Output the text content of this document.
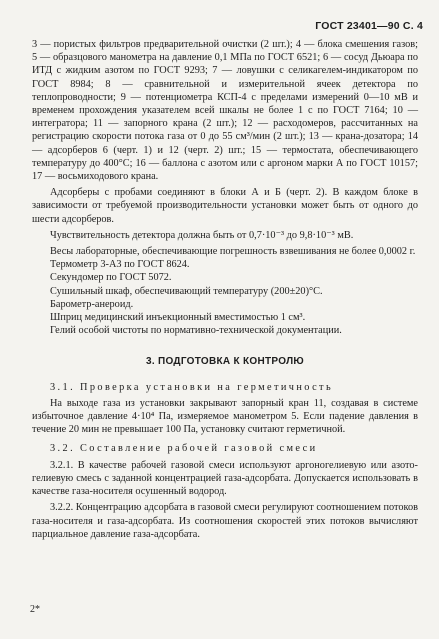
ГОСТ 23401—90 С. 4

3 — пористых фильтров предварительной очистки (2 шт.); 4 — блока смешения газов; 5 — образцового манометра на давление 0,1 МПа по ГОСТ 6521; 6 — сосуд Дьюара по ИТД с жидким азотом по ГОСТ 9293; 7 — ловушки с селикагелем-индикатором по ГОСТ 8984; 8 — сравнительной и измерительной ячеек детектора по теплопроводности; 9 — потенциометра КСП-4 с пределами измерений 0—10 мВ и временем прохождения указателем всей шкалы не более 1 с по ГОСТ 7164; 10 — интегратора; 11 — запорного крана (2 шт.); 12 — расходомеров, рассчитанных на регистрацию скорости потока газа от 0 до 55 см³/мин (2 шт.); 13 — крана-дозатора; 14 — адсорберов 6 (черт. 1) и 12 (черт. 2) шт.; 15 — термостата, обеспечивающего температуру до 400°С; 16 — баллона с азотом или с аргоном марки А по ГОСТ 10157; 17 — восьмиходового крана.

Адсорберы с пробами соединяют в блоки А и Б (черт. 2). В каждом блоке в зависимости от требуемой производительности установки может быть от одного до шести адсорберов.

Чувствительность детектора должна быть от 0,7·10⁻³ до 9,8·10⁻³ мВ.

Весы лабораторные, обеспечивающие погрешность взвешивания не более 0,0002 г.

Термометр 3-А3 по ГОСТ 8624.

Секундомер по ГОСТ 5072.

Сушильный шкаф, обеспечивающий температуру (200±20)°С.

Барометр-анероид.

Шприц медицинский инъекционный вместимостью 1 см³.

Гелий особой чистоты по нормативно-технической документации.

3. ПОДГОТОВКА К КОНТРОЛЮ

3.1. Проверка установки на герметичность

На выходе газа из установки закрывают запорный кран 11, создавая в системе избыточное давление 4·10⁴ Па, измеряемое манометром 5. Если падение давления в течение 20 мин не превышает 100 Па, установку считают герметичной.

3.2. Составление рабочей газовой смеси

3.2.1. В качестве рабочей газовой смеси используют аргоногелиевую или азото-гелиевую смесь с заданной концентрацией газа-адсорбата. Допускается использовать в качестве газа-носителя осушенный водород.

3.2.2. Концентрацию адсорбата в газовой смеси регулируют соотношением потоков газа-носителя и газа-адсорбата. Из соотношения скоростей этих потоков вычисляют парциальное давление газа-адсорбата.

2*
